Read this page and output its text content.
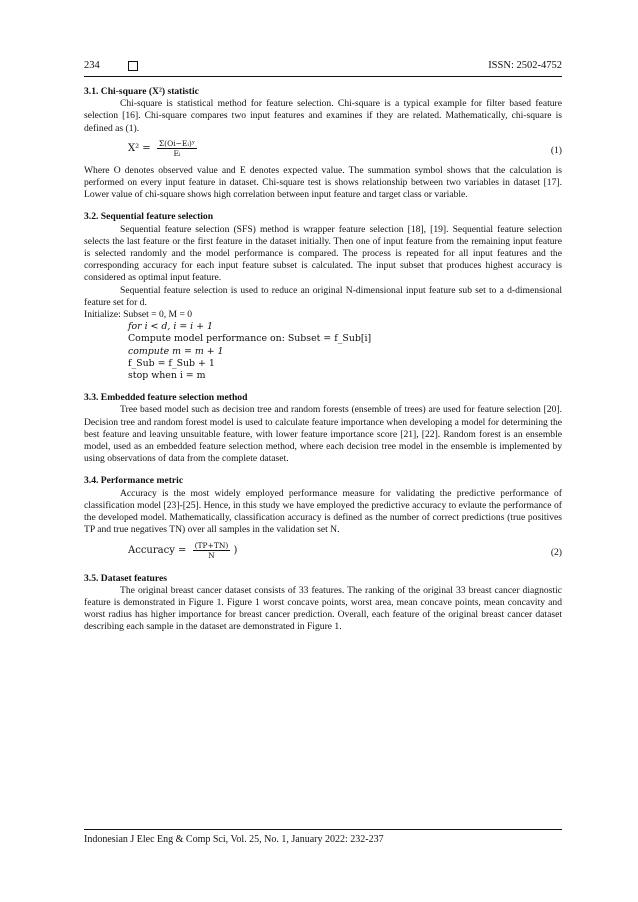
234	ISSN: 2502-4752

3.1. Chi-square (X²) statistic

Chi-square is statistical method for feature selection. Chi-square is a typical example for filter based feature selection [16]. Chi-square compares two input features and examines if they are related. Mathematically, chi-square is defined as (1).

$X^2 = \frac{\text{Σ(Oi−Eᵢ)ʸ}}{\text{Eᵢ}}$	(1)

Where O denotes observed value and E denotes expected value. The summation symbol shows that the calculation is performed on every input feature in dataset. Chi-square test is shows relationship between two variables in dataset [17]. Lower value of chi-square shows high correlation between input feature and target class or variable.

3.2. Sequential feature selection

Sequential feature selection (SFS) method is wrapper feature selection [18], [19]. Sequential feature selection selects the last feature or the first feature in the dataset initially. Then one of input feature from the remaining input feature is selected randomly and the model performance is compared. The process is repeated for all input features and the corresponding accuracy for each input feature subset is calculated. The input subset that produces highest accuracy is considered as optimal input feature.

Sequential feature selection is used to reduce an original N-dimensional input feature sub set to a d-dimensional feature set for d.

Initialize: Subset = 0, M = 0

for i < d, i = i + 1
Compute model performance on: Subset = f_Sub[i]
compute m = m + 1
f_Sub = f_Sub + 1
stop when i = m

3.3. Embedded feature selection method

Tree based model such as decision tree and random forests (ensemble of trees) are used for feature selection [20]. Decision tree and random forest model is used to calculate feature importance when developing a model for determining the best feature and leaving unsuitable feature, with lower feature importance score [21], [22]. Random forest is an ensemble model, used as an embedded feature selection method, where each decision tree model in the ensemble is implemented by using observations of data from the complete dataset.

3.4. Performance metric

Accuracy is the most widely employed performance measure for validating the predictive performance of classification model [23]-[25]. Hence, in this study we have employed the predictive accuracy to evlaute the performance of the developed model. Mathematically, classification accuracy is defined as the number of correct predictions (true positives TP and true negatives TN) over all samples in the validation set N.

Accuracy = $\frac{(TP+TN)}{N}$ )	(2)

3.5. Dataset features

The original breast cancer dataset consists of 33 features. The ranking of the original 33 breast cancer diagnostic feature is demonstrated in Figure 1. Figure 1 worst concave points, worst area, mean concave points, mean concavity and worst radius has higher importance for breast cancer prediction. Overall, each feature of the original breast cancer dataset describing each sample in the dataset are demonstrated in Figure 1.

Indonesian J Elec Eng & Comp Sci, Vol. 25, No. 1, January 2022: 232-237
